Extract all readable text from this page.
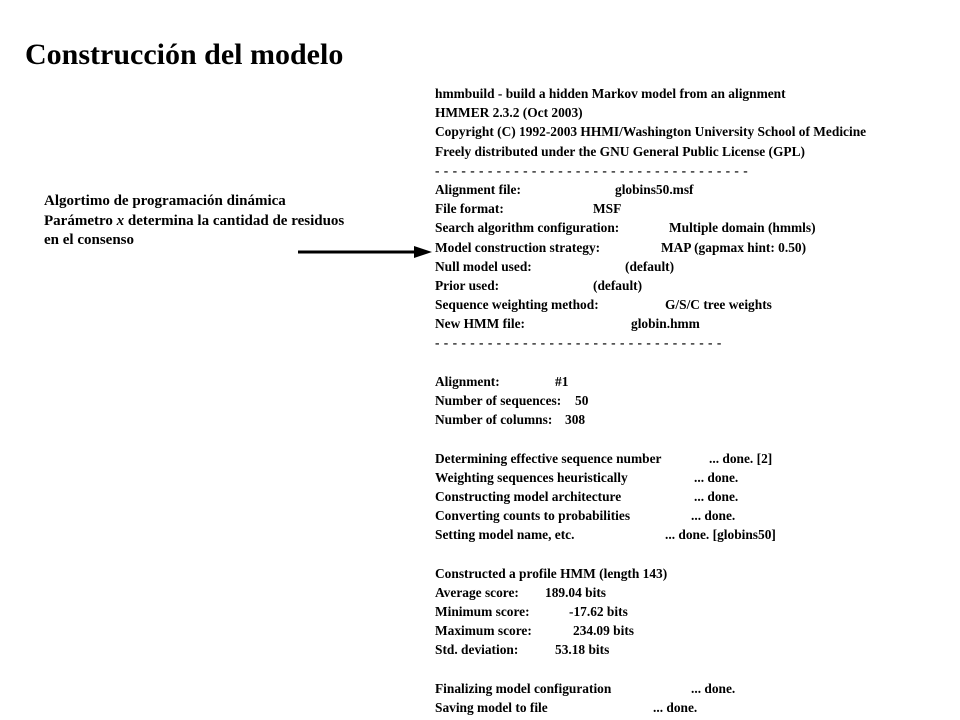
Construcción del modelo
Algortimo de programación dinámica
Parámetro x determina la cantidad de residuos
en el consenso
hmmbuild - build a hidden Markov model from an alignment
HMMER 2.3.2 (Oct 2003)
Copyright (C) 1992-2003 HHMI/Washington University School of Medicine
Freely distributed under the GNU General Public License (GPL)
- - - - - - - - - - - - - - - - - - - - - - - - - - - - - - - - - - - -
Alignment file:	globins50.msf
File format:	MSF
Search algorithm configuration:	Multiple domain (hmmls)
Model construction strategy:	MAP (gapmax hint: 0.50)
Null model used:	(default)
Prior used:	(default)
Sequence weighting method:	G/S/C tree weights
New HMM file:	globin.hmm
- - - - - - - - - - - - - - - - - - - - - - - - - - - - - - - - -
Alignment:	#1
Number of sequences:	50
Number of columns: 308
Determining effective sequence number	... done. [2]
Weighting sequences heuristically	... done.
Constructing model architecture	... done.
Converting counts to probabilities	... done.
Setting model name, etc.	... done. [globins50]
Constructed a profile HMM (length 143)
Average score:	189.04 bits
Minimum score:	-17.62 bits
Maximum score:	234.09 bits
Std. deviation:	53.18 bits
Finalizing model configuration	... done.
Saving model to file	... done.
